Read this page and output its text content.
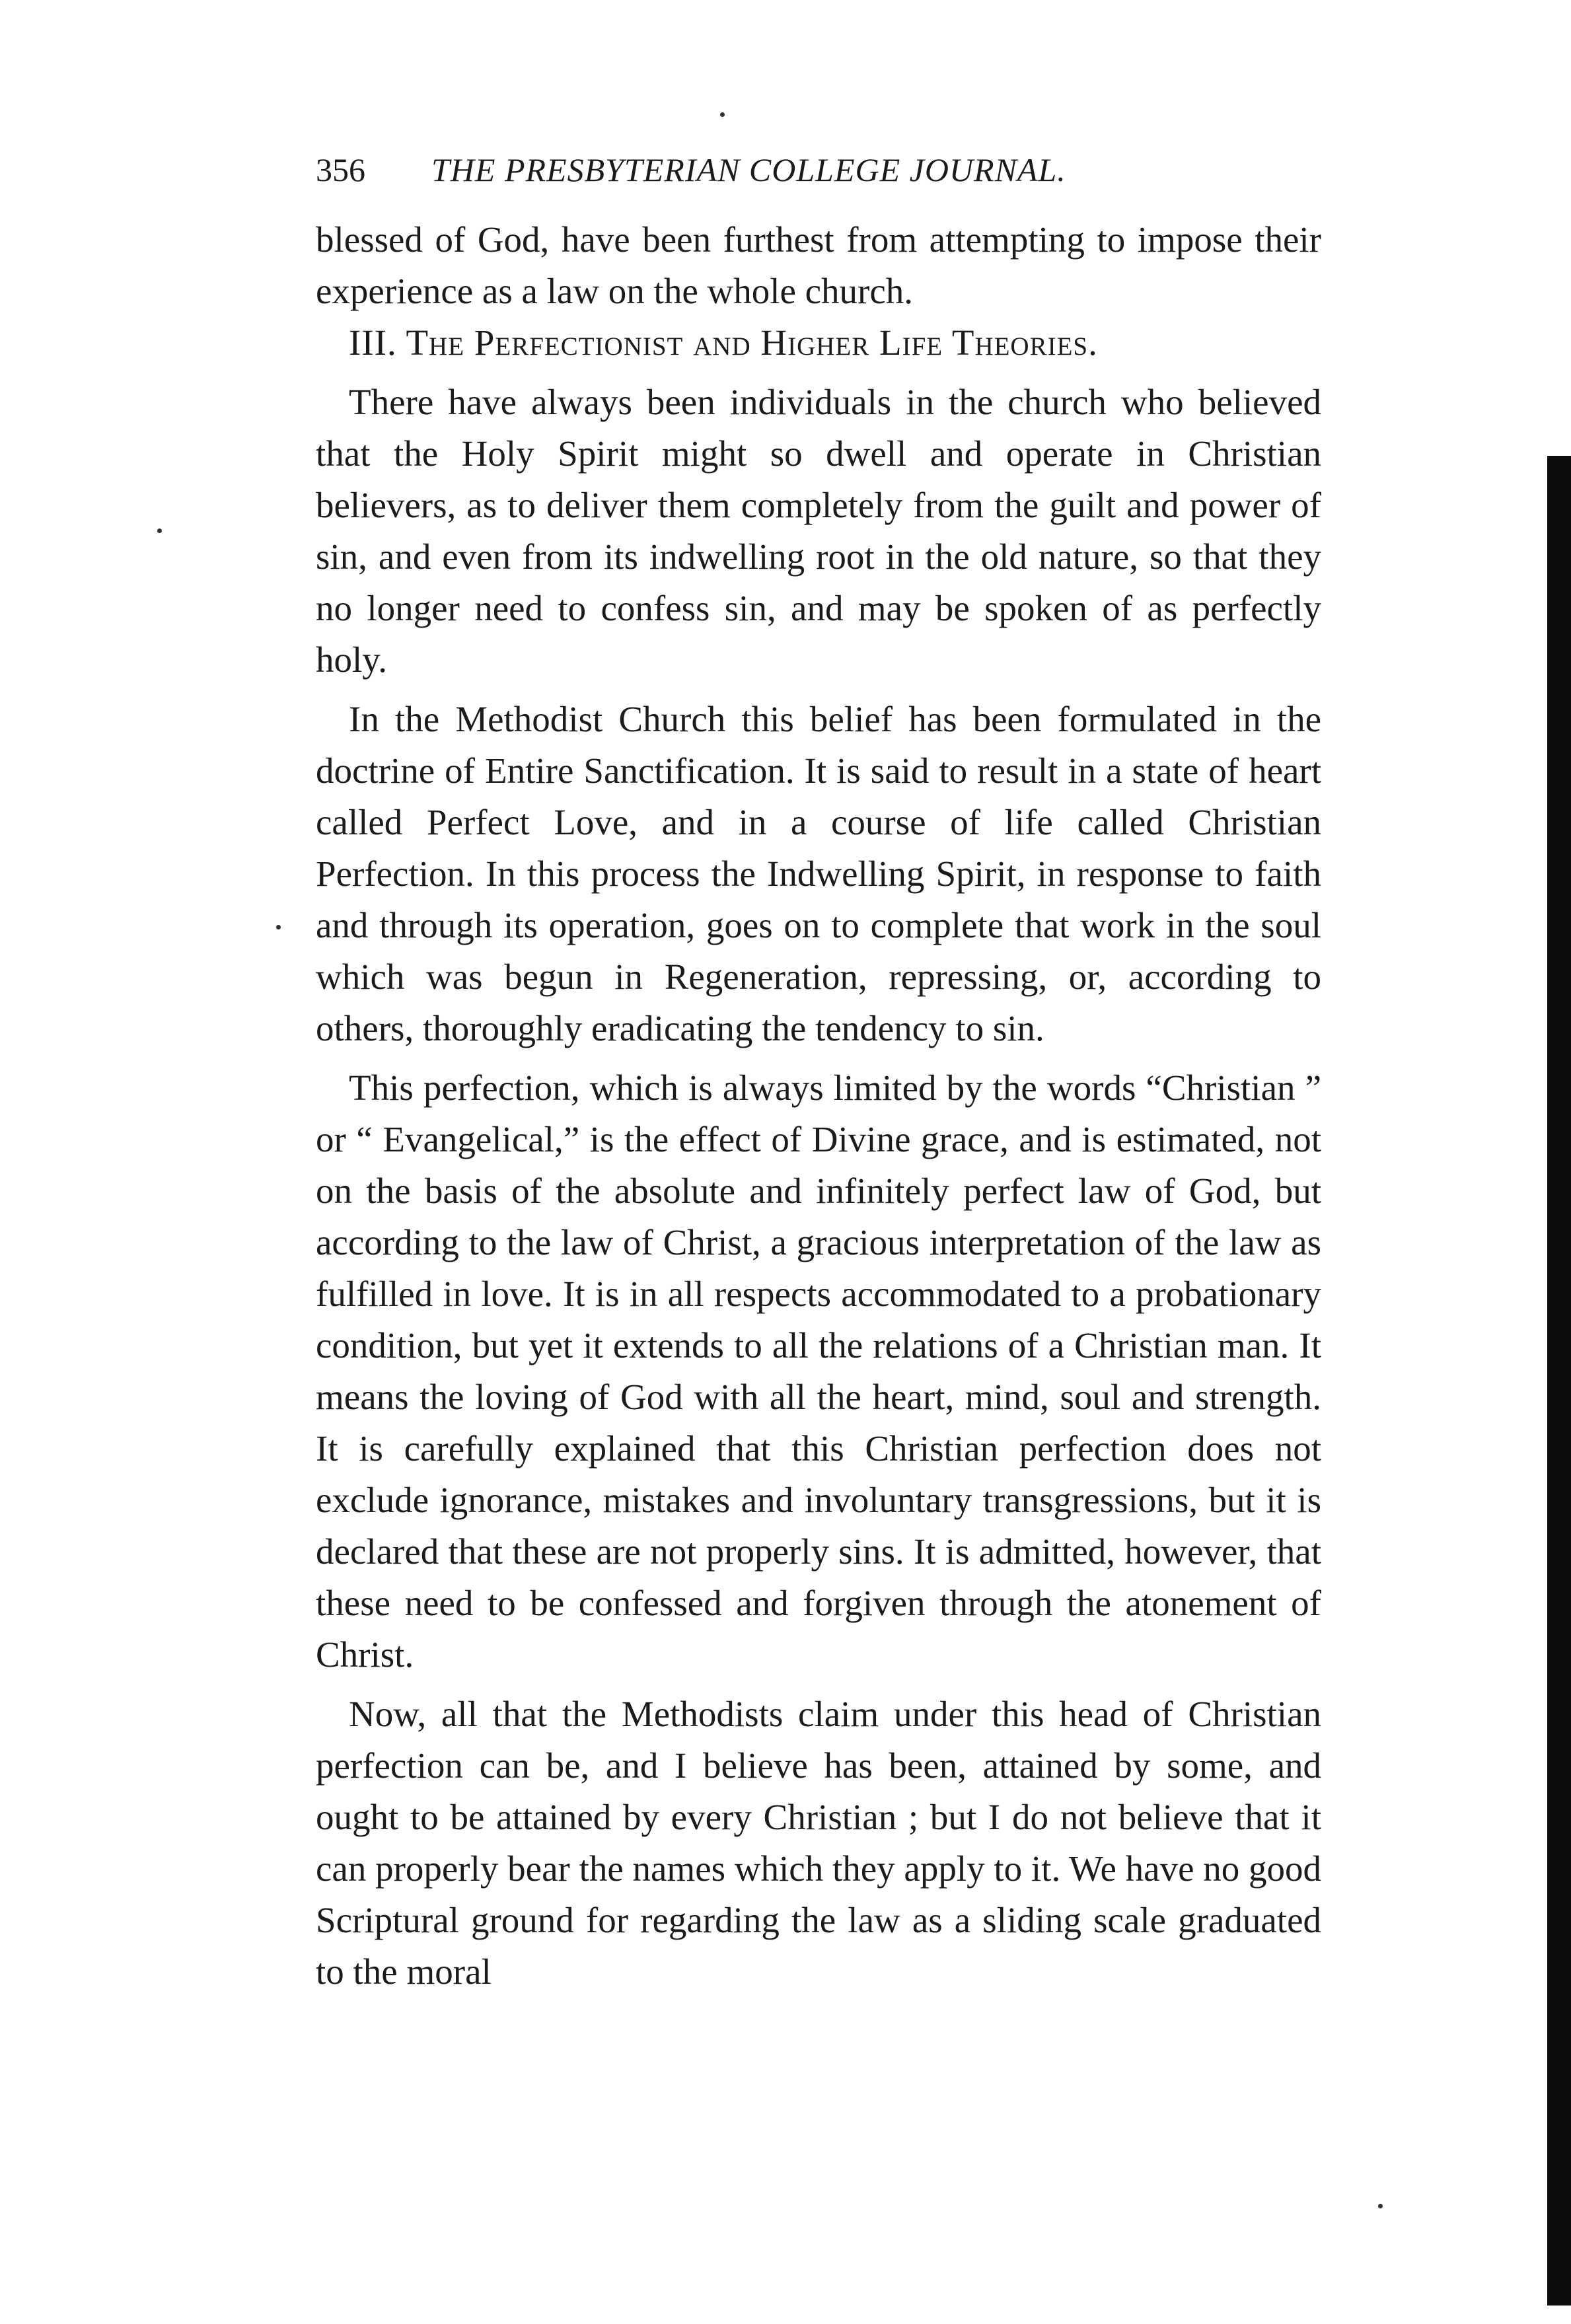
356 THE PRESBYTERIAN COLLEGE JOURNAL.

blessed of God, have been furthest from attempting to impose their experience as a law on the whole church.

III. The Perfectionist and Higher Life Theories.

There have always been individuals in the church who believed that the Holy Spirit might so dwell and operate in Christian believers, as to deliver them completely from the guilt and power of sin, and even from its indwelling root in the old nature, so that they no longer need to confess sin, and may be spoken of as perfectly holy.

In the Methodist Church this belief has been formulated in the doctrine of Entire Sanctification. It is said to result in a state of heart called Perfect Love, and in a course of life called Christian Perfection. In this process the Indwelling Spirit, in response to faith and through its operation, goes on to complete that work in the soul which was begun in Regeneration, repressing, or, according to others, thoroughly eradicating the tendency to sin.

This perfection, which is always limited by the words “Christian ” or “ Evangelical,” is the effect of Divine grace, and is estimated, not on the basis of the absolute and infinitely perfect law of God, but according to the law of Christ, a gracious interpretation of the law as fulfilled in love. It is in all respects accommodated to a probationary condition, but yet it extends to all the relations of a Christian man. It means the loving of God with all the heart, mind, soul and strength. It is carefully explained that this Christian perfection does not exclude ignorance, mistakes and involuntary transgressions, but it is declared that these are not properly sins. It is admitted, however, that these need to be confessed and forgiven through the atonement of Christ.

Now, all that the Methodists claim under this head of Christian perfection can be, and I believe has been, attained by some, and ought to be attained by every Christian ; but I do not believe that it can properly bear the names which they apply to it. We have no good Scriptural ground for regarding the law as a sliding scale graduated to the moral
